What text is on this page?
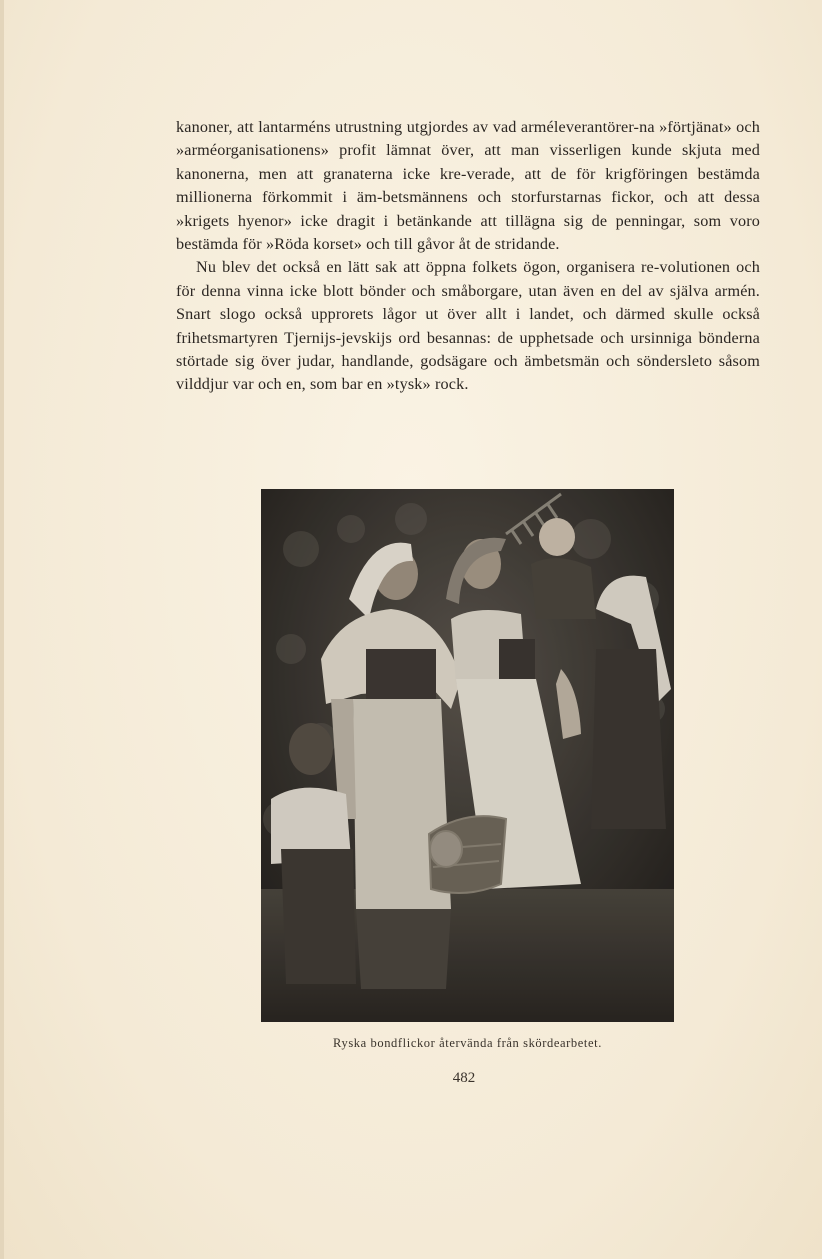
kanoner, att lantarméns utrustning utgjordes av vad arméleverantörer-na »förtjänat» och »arméorganisationens» profit lämnat över, att man visserligen kunde skjuta med kanonerna, men att granaterna icke kre-verade, att de för krigföringen bestämda millionerna förkommit i äm-betsmännens och storfurstarnas fickor, och att dessa »krigets hyenor» icke dragit i betänkande att tillägna sig de penningar, som voro bestämda för »Röda korset» och till gåvor åt de stridande.

Nu blev det också en lätt sak att öppna folkets ögon, organisera re-volutionen och för denna vinna icke blott bönder och småborgare, utan även en del av själva armén. Snart slogo också upprorets lågor ut över allt i landet, och därmed skulle också frihetsmartyren Tjernijs-jevskijs ord besannas: de upphetsade och ursinniga bönderna störtade sig över judar, handlande, godsägare och ämbetsmän och söndersleto såsom vilddjur var och en, som bar en »tysk» rock.

Ryska bondflickor återvända från skördearbetet.
482
